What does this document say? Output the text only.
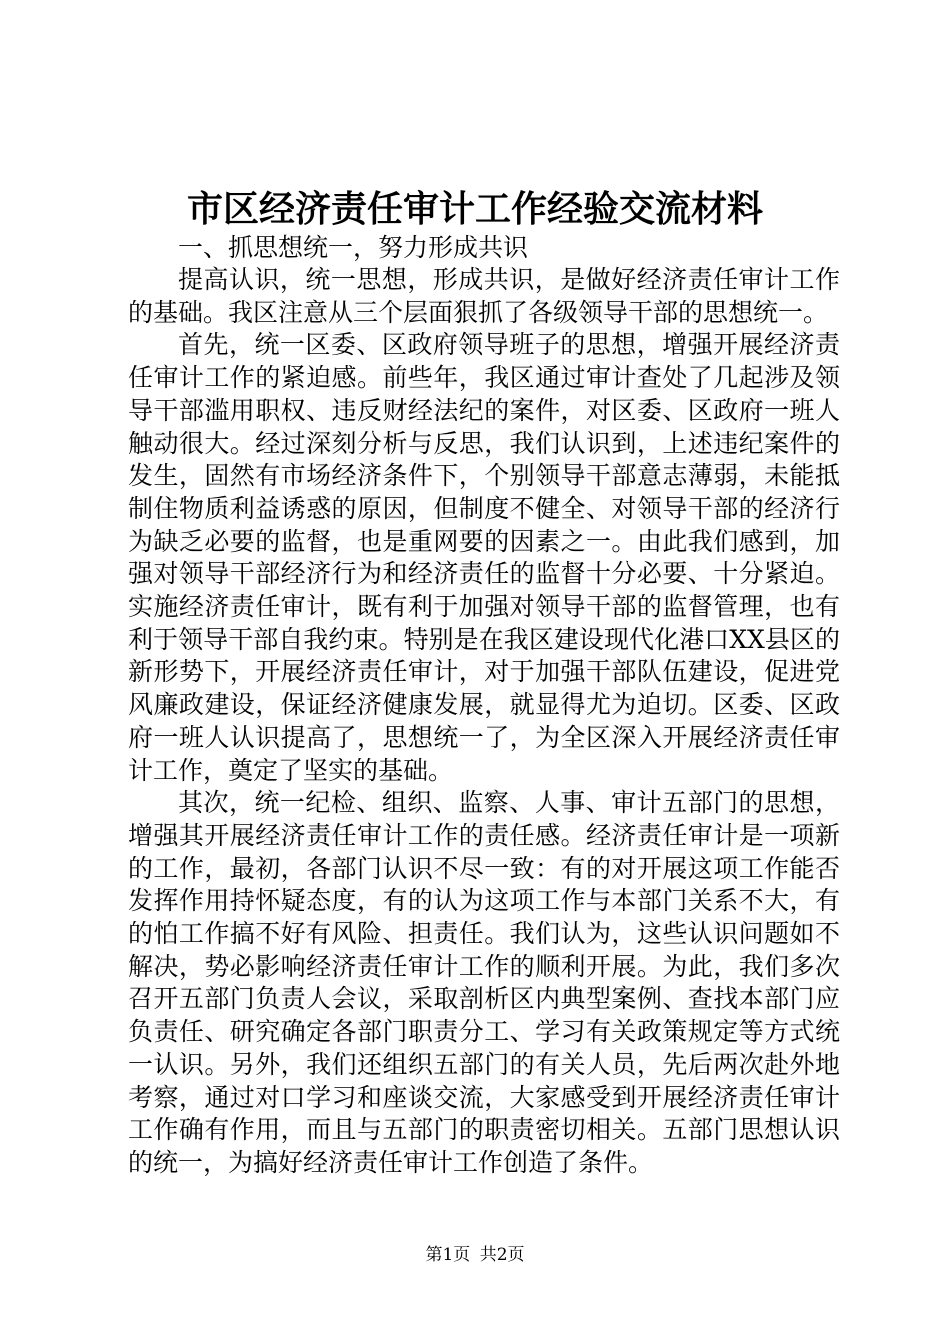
市区经济责任审计工作经验交流材料

一、抓思想统一，努力形成共识

提高认识，统一思想，形成共识，是做好经济责任审计工作的基础。我区注意从三个层面狠抓了各级领导干部的思想统一。

首先，统一区委、区政府领导班子的思想，增强开展经济责任审计工作的紧迫感。前些年，我区通过审计查处了几起涉及领导干部滥用职权、违反财经法纪的案件，对区委、区政府一班人触动很大。经过深刻分析与反思，我们认识到，上述违纪案件的发生，固然有市场经济条件下，个别领导干部意志薄弱，未能抵制住物质利益诱惑的原因，但制度不健全、对领导干部的经济行为缺乏必要的监督，也是重网要的因素之一。由此我们感到，加强对领导干部经济行为和经济责任的监督十分必要、十分紧迫。实施经济责任审计，既有利于加强对领导干部的监督管理，也有利于领导干部自我约束。特别是在我区建设现代化港口XX县区的新形势下，开展经济责任审计，对于加强干部队伍建设，促进党风廉政建设，保证经济健康发展，就显得尤为迫切。区委、区政府一班人认识提高了，思想统一了，为全区深入开展经济责任审计工作，奠定了坚实的基础。

其次，统一纪检、组织、监察、人事、审计五部门的思想，增强其开展经济责任审计工作的责任感。经济责任审计是一项新的工作，最初，各部门认识不尽一致：有的对开展这项工作能否发挥作用持怀疑态度，有的认为这项工作与本部门关系不大，有的怕工作搞不好有风险、担责任。我们认为，这些认识问题如不解决，势必影响经济责任审计工作的顺利开展。为此，我们多次召开五部门负责人会议，采取剖析区内典型案例、查找本部门应负责任、研究确定各部门职责分工、学习有关政策规定等方式统一认识。另外，我们还组织五部门的有关人员，先后两次赴外地考察，通过对口学习和座谈交流，大家感受到开展经济责任审计工作确有作用，而且与五部门的职责密切相关。五部门思想认识的统一，为搞好经济责任审计工作创造了条件。

第1页 共2页
